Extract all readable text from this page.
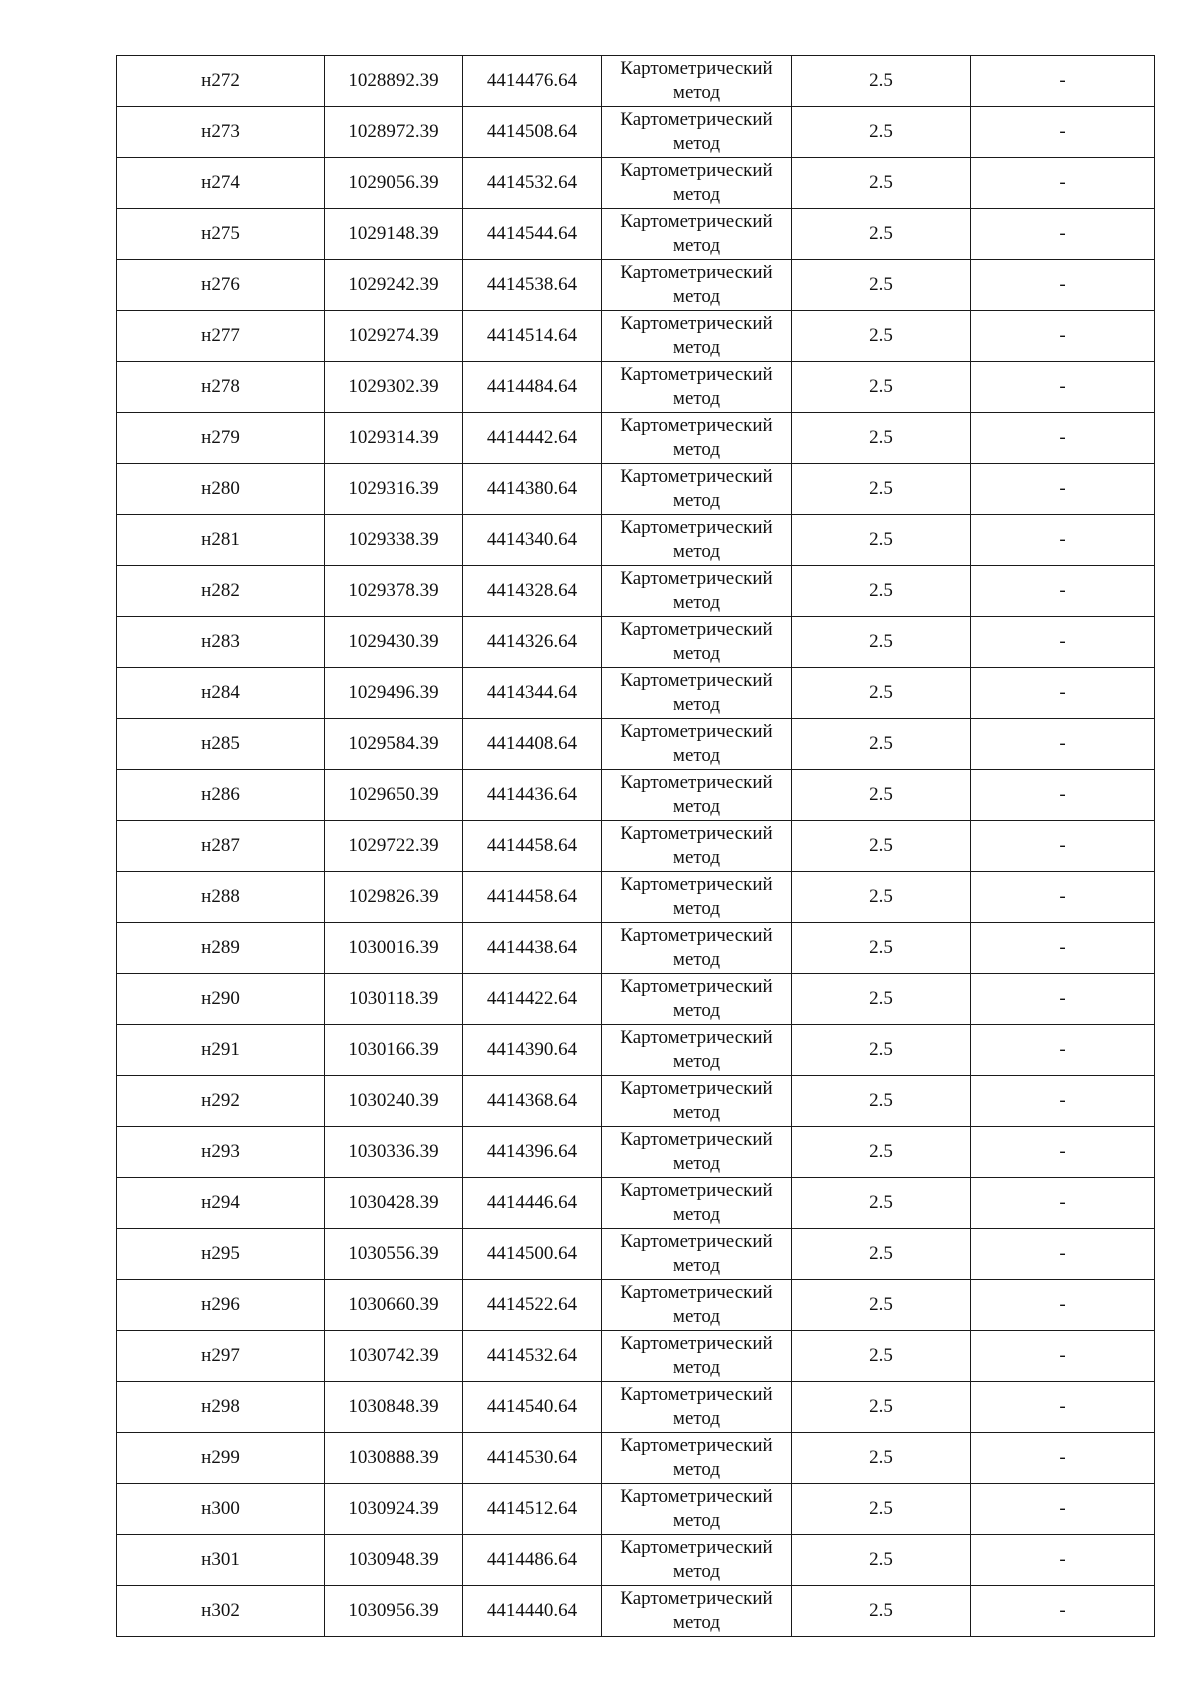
н272	1028892.39	4414476.64	Картометрический метод	2.5	-
н273	1028972.39	4414508.64	Картометрический метод	2.5	-
н274	1029056.39	4414532.64	Картометрический метод	2.5	-
н275	1029148.39	4414544.64	Картометрический метод	2.5	-
н276	1029242.39	4414538.64	Картометрический метод	2.5	-
н277	1029274.39	4414514.64	Картометрический метод	2.5	-
н278	1029302.39	4414484.64	Картометрический метод	2.5	-
н279	1029314.39	4414442.64	Картометрический метод	2.5	-
н280	1029316.39	4414380.64	Картометрический метод	2.5	-
н281	1029338.39	4414340.64	Картометрический метод	2.5	-
н282	1029378.39	4414328.64	Картометрический метод	2.5	-
н283	1029430.39	4414326.64	Картометрический метод	2.5	-
н284	1029496.39	4414344.64	Картометрический метод	2.5	-
н285	1029584.39	4414408.64	Картометрический метод	2.5	-
н286	1029650.39	4414436.64	Картометрический метод	2.5	-
н287	1029722.39	4414458.64	Картометрический метод	2.5	-
н288	1029826.39	4414458.64	Картометрический метод	2.5	-
н289	1030016.39	4414438.64	Картометрический метод	2.5	-
н290	1030118.39	4414422.64	Картометрический метод	2.5	-
н291	1030166.39	4414390.64	Картометрический метод	2.5	-
н292	1030240.39	4414368.64	Картометрический метод	2.5	-
н293	1030336.39	4414396.64	Картометрический метод	2.5	-
н294	1030428.39	4414446.64	Картометрический метод	2.5	-
н295	1030556.39	4414500.64	Картометрический метод	2.5	-
н296	1030660.39	4414522.64	Картометрический метод	2.5	-
н297	1030742.39	4414532.64	Картометрический метод	2.5	-
н298	1030848.39	4414540.64	Картометрический метод	2.5	-
н299	1030888.39	4414530.64	Картометрический метод	2.5	-
н300	1030924.39	4414512.64	Картометрический метод	2.5	-
н301	1030948.39	4414486.64	Картометрический метод	2.5	-
н302	1030956.39	4414440.64	Картометрический метод	2.5	-
